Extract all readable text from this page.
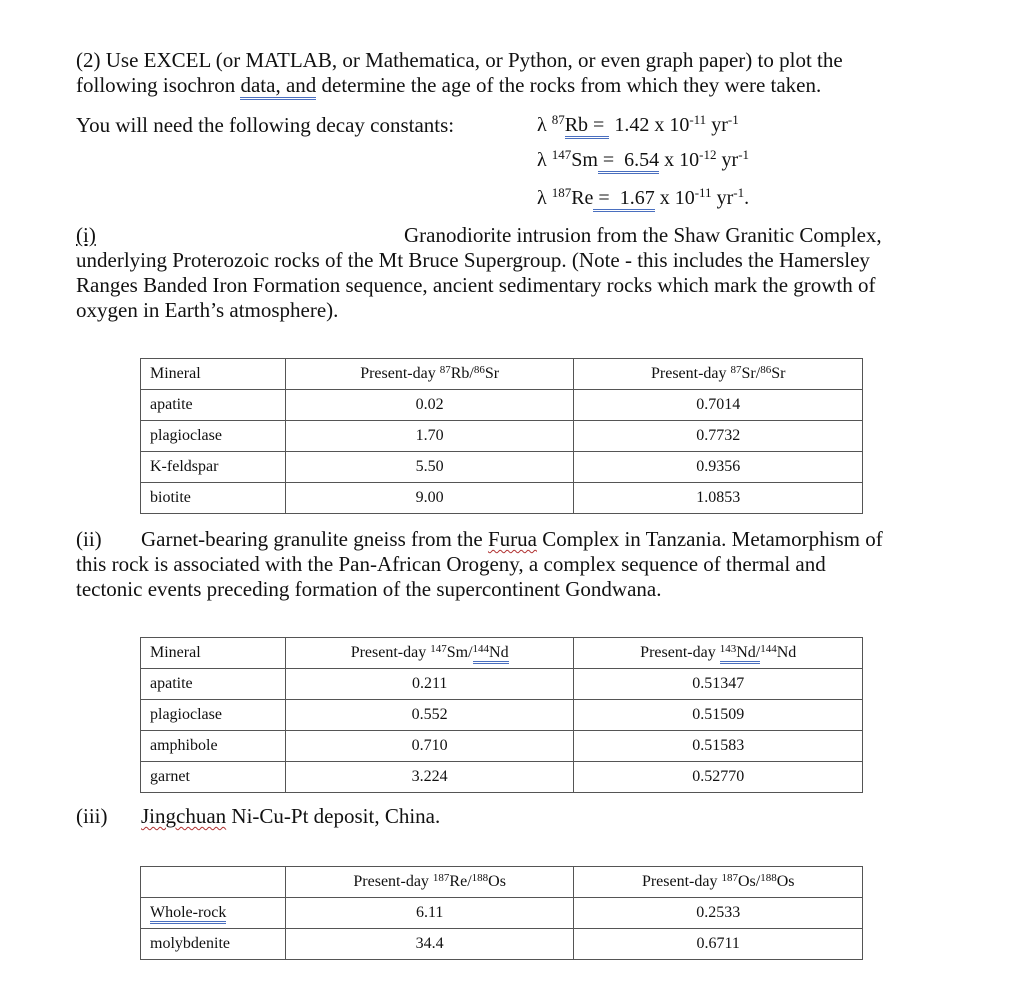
(2) Use EXCEL (or MATLAB, or Mathematica, or Python, or even graph paper) to plot the
following isochron data, and determine the age of the rocks from which they were taken.
You will need the following decay constants:	λ $^{87}$Rb =  1.42 x $10^{-11}$ $yr^{-1}$
λ $^{147}$Sm =  6.54 x $10^{-12}$ $yr^{-1}$
λ $^{187}$Re =  1.67 x $10^{-11}$ $yr^{-1}$.
(i)	Granodiorite intrusion from the Shaw Granitic Complex,
underlying Proterozoic rocks of the Mt Bruce Supergroup. (Note - this includes the Hamersley
Ranges Banded Iron Formation sequence, ancient sedimentary rocks which mark the growth of
oxygen in Earth’s atmosphere).
Mineral	Present-day $^{87}$Rb/$^{86}$Sr	Present-day $^{87}$Sr/$^{86}$Sr
apatite	0.02	0.7014
plagioclase	1.70	0.7732
K-feldspar	5.50	0.9356
biotite	9.00	1.0853
(ii) Garnet-bearing granulite gneiss from the Furua Complex in Tanzania. Metamorphism of
this rock is associated with the Pan-African Orogeny, a complex sequence of thermal and
tectonic events preceding formation of the supercontinent Gondwana.
Mineral	Present-day $^{147}$Sm/$^{144}$Nd	Present-day $^{143}$Nd/$^{144}$Nd
apatite	0.211	0.51347
plagioclase	0.552	0.51509
amphibole	0.710	0.51583
garnet	3.224	0.52770
(iii) Jingchuan Ni-Cu-Pt deposit, China.
	Present-day $^{187}$Re/$^{188}$Os	Present-day $^{187}$Os/$^{188}$Os
Whole-rock	6.11	0.2533
molybdenite	34.4	0.6711
